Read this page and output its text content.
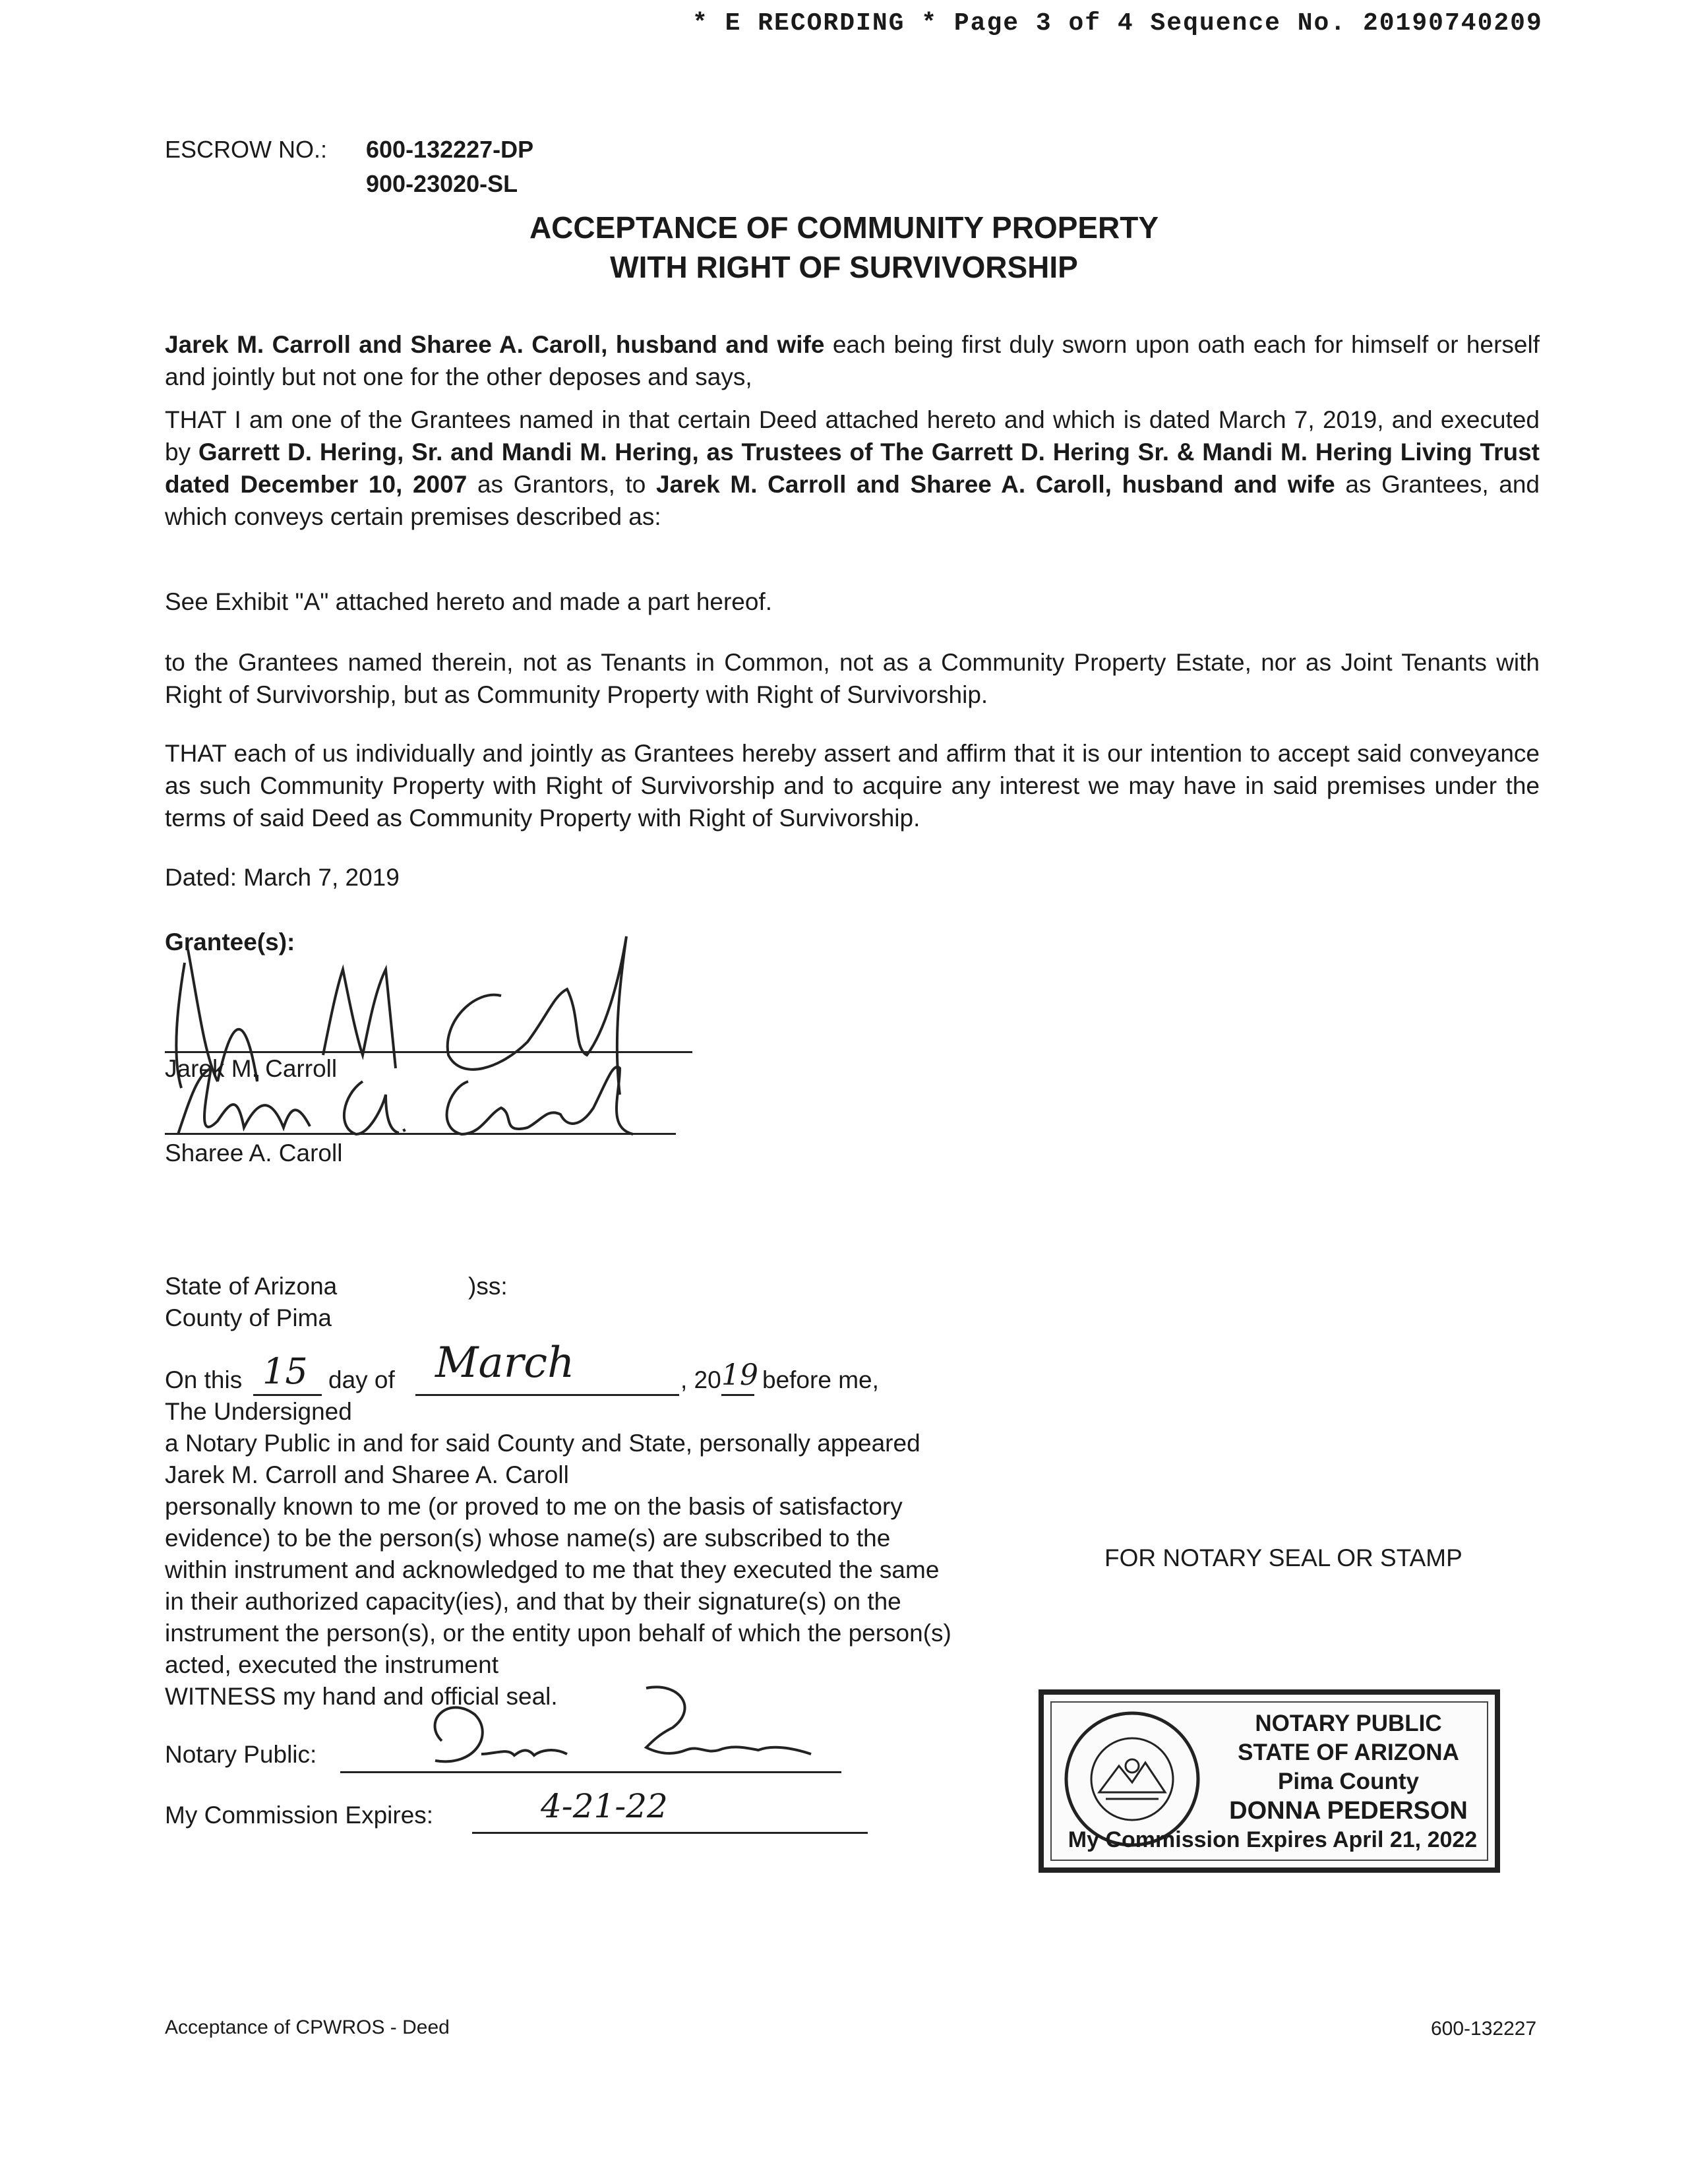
* E RECORDING * Page 3 of 4 Sequence No. 20190740209
ESCROW NO.: 600-132227-DP
900-23020-SL
ACCEPTANCE OF COMMUNITY PROPERTY
WITH RIGHT OF SURVIVORSHIP
Jarek M. Carroll and Sharee A. Caroll, husband and wife each being first duly sworn upon oath each for himself or herself and jointly but not one for the other deposes and says,
THAT I am one of the Grantees named in that certain Deed attached hereto and which is dated March 7, 2019, and executed by Garrett D. Hering, Sr. and Mandi M. Hering, as Trustees of The Garrett D. Hering Sr. & Mandi M. Hering Living Trust dated December 10, 2007 as Grantors, to Jarek M. Carroll and Sharee A. Caroll, husband and wife as Grantees, and which conveys certain premises described as:
See Exhibit "A" attached hereto and made a part hereof.
to the Grantees named therein, not as Tenants in Common, not as a Community Property Estate, nor as Joint Tenants with Right of Survivorship, but as Community Property with Right of Survivorship.
THAT each of us individually and jointly as Grantees hereby assert and affirm that it is our intention to accept said conveyance as such Community Property with Right of Survivorship and to acquire any interest we may have in said premises under the terms of said Deed as Community Property with Right of Survivorship.
Dated: March 7, 2019
Grantee(s):
Jarek M. Carroll
Sharee A. Caroll
State of Arizona	)ss:
County of Pima
On this 15 day of March	, 20 19 before me,
The Undersigned
a Notary Public in and for said County and State, personally appeared
Jarek M. Carroll and Sharee A. Caroll
personally known to me (or proved to me on the basis of satisfactory
evidence) to be the person(s) whose name(s) are subscribed to the
within instrument and acknowledged to me that they executed the same
in their authorized capacity(ies), and that by their signature(s) on the
instrument the person(s), or the entity upon behalf of which the person(s)
acted, executed the instrument
WITNESS my hand and official seal.
Notary Public:
My Commission Expires:	4-21-22
FOR NOTARY SEAL OR STAMP
NOTARY PUBLIC
STATE OF ARIZONA
Pima County
DONNA PEDERSON
My Commission Expires April 21, 2022
Acceptance of CPWROS - Deed	600-132227
